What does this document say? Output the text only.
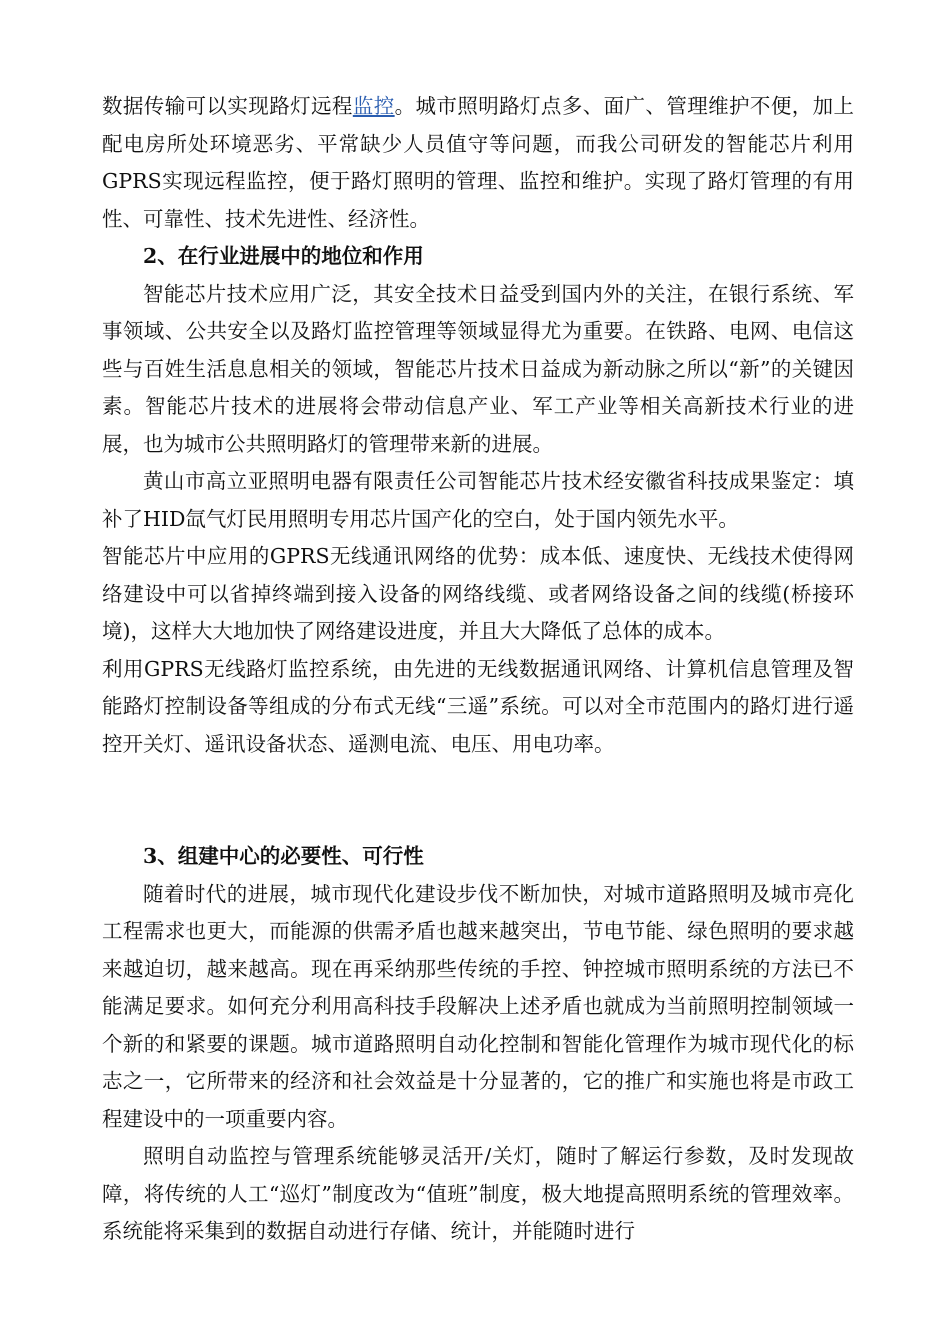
数据传输可以实现路灯远程监控。城市照明路灯点多、面广、管理维护不便，加上配电房所处环境恶劣、平常缺少人员值守等问题，而我公司研发的智能芯片利用GPRS实现远程监控，便于路灯照明的管理、监控和维护。实现了路灯管理的有用性、可靠性、技术先进性、经济性。

2、在行业进展中的地位和作用

智能芯片技术应用广泛，其安全技术日益受到国内外的关注，在银行系统、军事领域、公共安全以及路灯监控管理等领域显得尤为重要。在铁路、电网、电信这些与百姓生活息息相关的领域，智能芯片技术日益成为新动脉之所以“新”的关键因素。智能芯片技术的进展将会带动信息产业、军工产业等相关高新技术行业的进展，也为城市公共照明路灯的管理带来新的进展。

黄山市高立亚照明电器有限责任公司智能芯片技术经安徽省科技成果鉴定：填补了HID氙气灯民用照明专用芯片国产化的空白，处于国内领先水平。

智能芯片中应用的GPRS无线通讯网络的优势：成本低、速度快、无线技术使得网络建设中可以省掉终端到接入设备的网络线缆、或者网络设备之间的线缆(桥接环境)，这样大大地加快了网络建设进度，并且大大降低了总体的成本。

利用GPRS无线路灯监控系统，由先进的无线数据通讯网络、计算机信息管理及智能路灯控制设备等组成的分布式无线“三遥”系统。可以对全市范围内的路灯进行遥控开关灯、遥讯设备状态、遥测电流、电压、用电功率。

3、组建中心的必要性、可行性

随着时代的进展，城市现代化建设步伐不断加快，对城市道路照明及城市亮化工程需求也更大，而能源的供需矛盾也越来越突出，节电节能、绿色照明的要求越来越迫切，越来越高。现在再采纳那些传统的手控、钟控城市照明系统的方法已不能满足要求。如何充分利用高科技手段解决上述矛盾也就成为当前照明控制领域一个新的和紧要的课题。城市道路照明自动化控制和智能化管理作为城市现代化的标志之一，它所带来的经济和社会效益是十分显著的，它的推广和实施也将是市政工程建设中的一项重要内容。

照明自动监控与管理系统能够灵活开/关灯，随时了解运行参数，及时发现故障，将传统的人工“巡灯”制度改为“值班”制度，极大地提高照明系统的管理效率。系统能将采集到的数据自动进行存储、统计，并能随时进行
